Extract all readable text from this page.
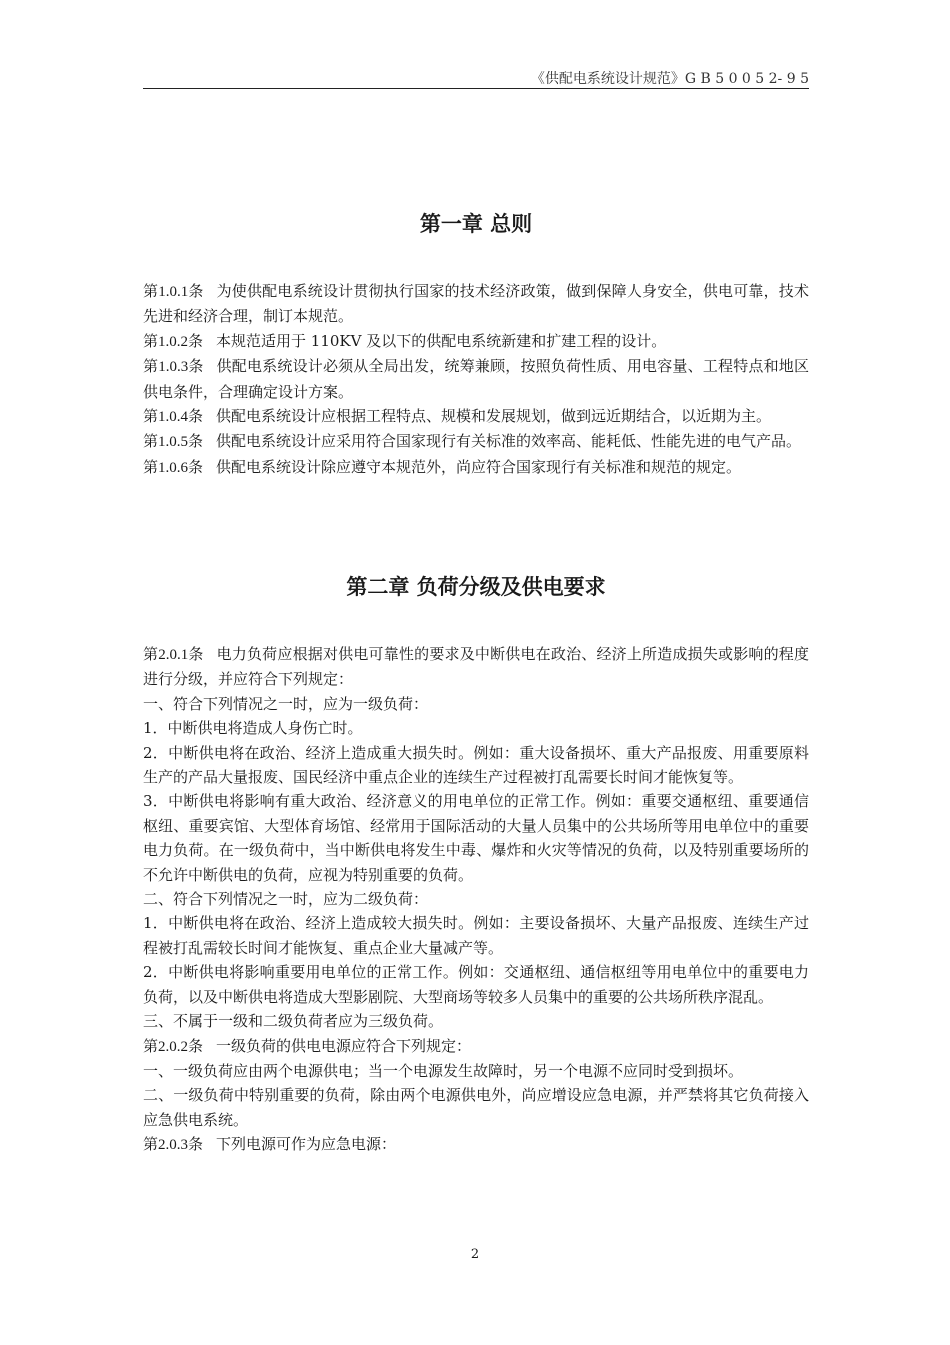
《供配电系统设计规范》G B 5 0 0 5 2- 9 5
第一章 总则

第1.0.1条 为使供配电系统设计贯彻执行国家的技术经济政策，做到保障人身安全，供电可靠，技术先进和经济合理，制订本规范。

第1.0.2条 本规范适用于 110KV 及以下的供配电系统新建和扩建工程的设计。

第1.0.3条 供配电系统设计必须从全局出发，统筹兼顾，按照负荷性质、用电容量、工程特点和地区供电条件，合理确定设计方案。

第1.0.4条 供配电系统设计应根据工程特点、规模和发展规划，做到远近期结合，以近期为主。

第1.0.5条 供配电系统设计应采用符合国家现行有关标准的效率高、能耗低、性能先进的电气产品。

第1.0.6条 供配电系统设计除应遵守本规范外，尚应符合国家现行有关标准和规范的规定。

第二章 负荷分级及供电要求

第2.0.1条 电力负荷应根据对供电可靠性的要求及中断供电在政治、经济上所造成损失或影响的程度进行分级，并应符合下列规定：

一、符合下列情况之一时，应为一级负荷：

1．中断供电将造成人身伤亡时。

2．中断供电将在政治、经济上造成重大损失时。例如：重大设备损坏、重大产品报废、用重要原料生产的产品大量报废、国民经济中重点企业的连续生产过程被打乱需要长时间才能恢复等。

3．中断供电将影响有重大政治、经济意义的用电单位的正常工作。例如：重要交通枢纽、重要通信枢纽、重要宾馆、大型体育场馆、经常用于国际活动的大量人员集中的公共场所等用电单位中的重要电力负荷。在一级负荷中，当中断供电将发生中毒、爆炸和火灾等情况的负荷，以及特别重要场所的不允许中断供电的负荷，应视为特别重要的负荷。

二、符合下列情况之一时，应为二级负荷：

1．中断供电将在政治、经济上造成较大损失时。例如：主要设备损坏、大量产品报废、连续生产过程被打乱需较长时间才能恢复、重点企业大量减产等。

2．中断供电将影响重要用电单位的正常工作。例如：交通枢纽、通信枢纽等用电单位中的重要电力负荷，以及中断供电将造成大型影剧院、大型商场等较多人员集中的重要的公共场所秩序混乱。

三、不属于一级和二级负荷者应为三级负荷。

第2.0.2条 一级负荷的供电电源应符合下列规定：

一、一级负荷应由两个电源供电；当一个电源发生故障时，另一个电源不应同时受到损坏。

二、一级负荷中特别重要的负荷，除由两个电源供电外，尚应增设应急电源，并严禁将其它负荷接入应急供电系统。

第2.0.3条 下列电源可作为应急电源：

2
